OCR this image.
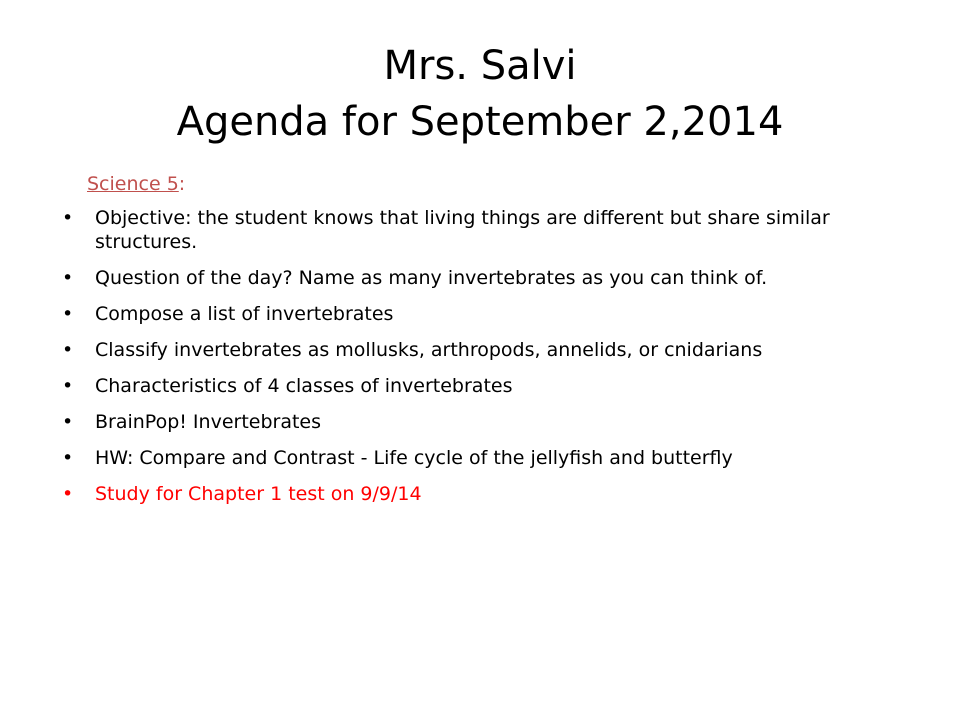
Mrs. Salvi
Agenda for September 2,2014
Science 5:
•	Objective: the student knows that living things are different but share similar structures.
•	Question of the day? Name as many invertebrates as you can think of.
•	Compose a list of invertebrates
•	Classify invertebrates as mollusks, arthropods, annelids, or cnidarians
•	Characteristics of 4 classes of invertebrates
•	BrainPop! Invertebrates
•	HW: Compare and Contrast - Life cycle of the jellyfish and butterfly
•	Study for Chapter 1 test on 9/9/14
